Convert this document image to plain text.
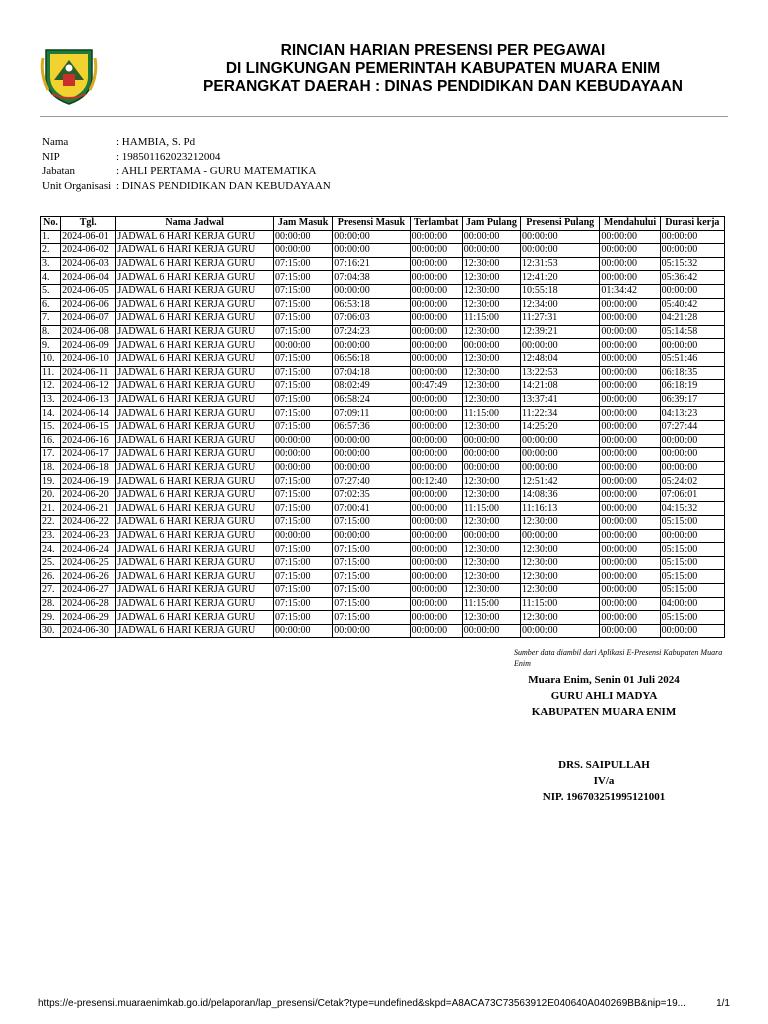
RINCIAN HARIAN PRESENSI PER PEGAWAI
DI LINGKUNGAN PEMERINTAH KABUPATEN MUARA ENIM
PERANGKAT DAERAH : DINAS PENDIDIKAN DAN KEBUDAYAAN
Nama	: HAMBIA, S. Pd
NIP	: 198501162023212004
Jabatan	: AHLI PERTAMA - GURU MATEMATIKA
Unit Organisasi : DINAS PENDIDIKAN DAN KEBUDAYAAN
No.	Tgl.	Nama Jadwal	Jam Masuk	Presensi Masuk	Terlambat	Jam Pulang	Presensi Pulang	Mendahului	Durasi kerja
1.	2024-06-01	JADWAL 6 HARI KERJA GURU	00:00:00	00:00:00	00:00:00	00:00:00	00:00:00	00:00:00	00:00:00
2.	2024-06-02	JADWAL 6 HARI KERJA GURU	00:00:00	00:00:00	00:00:00	00:00:00	00:00:00	00:00:00	00:00:00
3.	2024-06-03	JADWAL 6 HARI KERJA GURU	07:15:00	07:16:21	00:00:00	12:30:00	12:31:53	00:00:00	05:15:32
4.	2024-06-04	JADWAL 6 HARI KERJA GURU	07:15:00	07:04:38	00:00:00	12:30:00	12:41:20	00:00:00	05:36:42
5.	2024-06-05	JADWAL 6 HARI KERJA GURU	07:15:00	00:00:00	00:00:00	12:30:00	10:55:18	01:34:42	00:00:00
6.	2024-06-06	JADWAL 6 HARI KERJA GURU	07:15:00	06:53:18	00:00:00	12:30:00	12:34:00	00:00:00	05:40:42
7.	2024-06-07	JADWAL 6 HARI KERJA GURU	07:15:00	07:06:03	00:00:00	11:15:00	11:27:31	00:00:00	04:21:28
8.	2024-06-08	JADWAL 6 HARI KERJA GURU	07:15:00	07:24:23	00:00:00	12:30:00	12:39:21	00:00:00	05:14:58
9.	2024-06-09	JADWAL 6 HARI KERJA GURU	00:00:00	00:00:00	00:00:00	00:00:00	00:00:00	00:00:00	00:00:00
10.	2024-06-10	JADWAL 6 HARI KERJA GURU	07:15:00	06:56:18	00:00:00	12:30:00	12:48:04	00:00:00	05:51:46
11.	2024-06-11	JADWAL 6 HARI KERJA GURU	07:15:00	07:04:18	00:00:00	12:30:00	13:22:53	00:00:00	06:18:35
12.	2024-06-12	JADWAL 6 HARI KERJA GURU	07:15:00	08:02:49	00:47:49	12:30:00	14:21:08	00:00:00	06:18:19
13.	2024-06-13	JADWAL 6 HARI KERJA GURU	07:15:00	06:58:24	00:00:00	12:30:00	13:37:41	00:00:00	06:39:17
14.	2024-06-14	JADWAL 6 HARI KERJA GURU	07:15:00	07:09:11	00:00:00	11:15:00	11:22:34	00:00:00	04:13:23
15.	2024-06-15	JADWAL 6 HARI KERJA GURU	07:15:00	06:57:36	00:00:00	12:30:00	14:25:20	00:00:00	07:27:44
16.	2024-06-16	JADWAL 6 HARI KERJA GURU	00:00:00	00:00:00	00:00:00	00:00:00	00:00:00	00:00:00	00:00:00
17.	2024-06-17	JADWAL 6 HARI KERJA GURU	00:00:00	00:00:00	00:00:00	00:00:00	00:00:00	00:00:00	00:00:00
18.	2024-06-18	JADWAL 6 HARI KERJA GURU	00:00:00	00:00:00	00:00:00	00:00:00	00:00:00	00:00:00	00:00:00
19.	2024-06-19	JADWAL 6 HARI KERJA GURU	07:15:00	07:27:40	00:12:40	12:30:00	12:51:42	00:00:00	05:24:02
20.	2024-06-20	JADWAL 6 HARI KERJA GURU	07:15:00	07:02:35	00:00:00	12:30:00	14:08:36	00:00:00	07:06:01
21.	2024-06-21	JADWAL 6 HARI KERJA GURU	07:15:00	07:00:41	00:00:00	11:15:00	11:16:13	00:00:00	04:15:32
22.	2024-06-22	JADWAL 6 HARI KERJA GURU	07:15:00	07:15:00	00:00:00	12:30:00	12:30:00	00:00:00	05:15:00
23.	2024-06-23	JADWAL 6 HARI KERJA GURU	00:00:00	00:00:00	00:00:00	00:00:00	00:00:00	00:00:00	00:00:00
24.	2024-06-24	JADWAL 6 HARI KERJA GURU	07:15:00	07:15:00	00:00:00	12:30:00	12:30:00	00:00:00	05:15:00
25.	2024-06-25	JADWAL 6 HARI KERJA GURU	07:15:00	07:15:00	00:00:00	12:30:00	12:30:00	00:00:00	05:15:00
26.	2024-06-26	JADWAL 6 HARI KERJA GURU	07:15:00	07:15:00	00:00:00	12:30:00	12:30:00	00:00:00	05:15:00
27.	2024-06-27	JADWAL 6 HARI KERJA GURU	07:15:00	07:15:00	00:00:00	12:30:00	12:30:00	00:00:00	05:15:00
28.	2024-06-28	JADWAL 6 HARI KERJA GURU	07:15:00	07:15:00	00:00:00	11:15:00	11:15:00	00:00:00	04:00:00
29.	2024-06-29	JADWAL 6 HARI KERJA GURU	07:15:00	07:15:00	00:00:00	12:30:00	12:30:00	00:00:00	05:15:00
30.	2024-06-30	JADWAL 6 HARI KERJA GURU	00:00:00	00:00:00	00:00:00	00:00:00	00:00:00	00:00:00	00:00:00
Sumber data diambil dari Aplikasi E-Presensi Kabupaten Muara Enim
Muara Enim, Senin 01 Juli 2024
GURU AHLI MADYA
KABUPATEN MUARA ENIM
DRS. SAIPULLAH
IV/a
NIP. 196703251995121001
https://e-presensi.muaraenimkab.go.id/pelaporan/lap_presensi/Cetak?type=undefined&skpd=A8ACA73C73563912E040640A040269BB&nip=19...	1/1
